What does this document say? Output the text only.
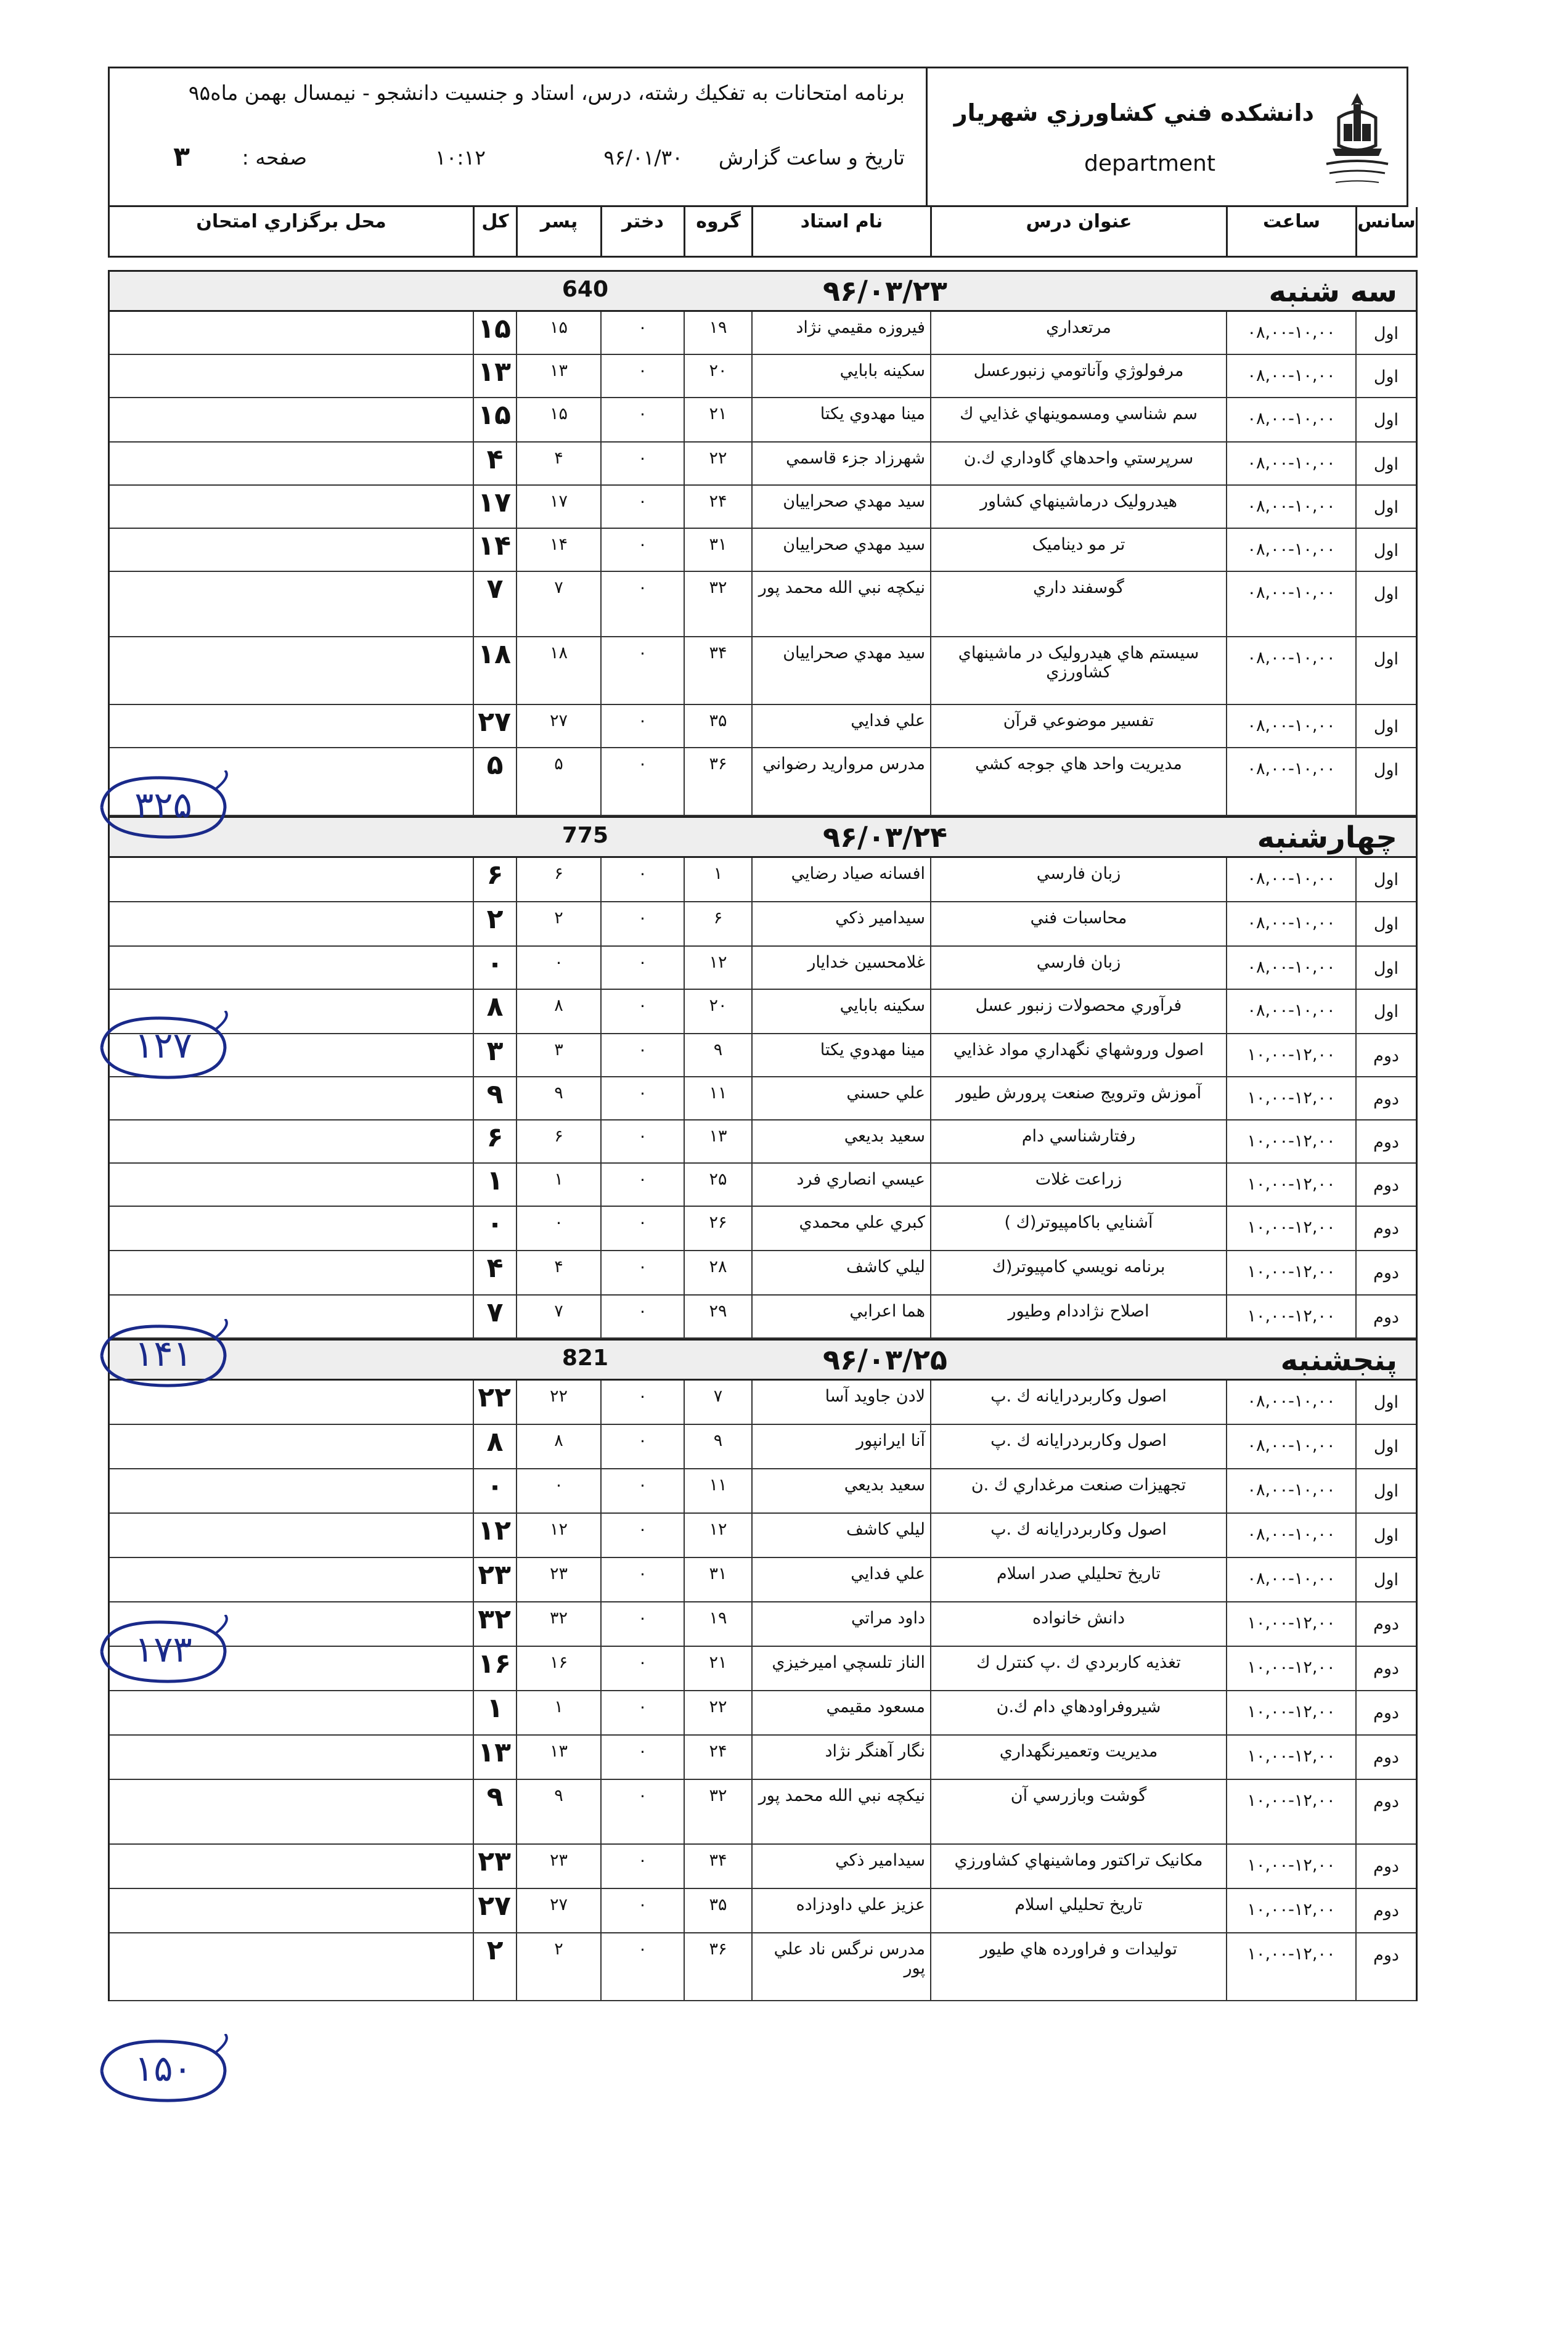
دانشكده فني كشاورزي شهريار
department
برنامه امتحانات به تفكيك رشته، درس، استاد و جنسيت دانشجو - نيمسال بهمن ماه۹۵
تاريخ و ساعت گزارش
۹۶/۰۱/۳۰
۱۰:۱۲
صفحه :
۳
سانس
ساعت
عنوان درس
نام استاد
گروه
دختر
پسر
كل
محل برگزاري امتحان
سه شنبه
۹۶/۰۳/۲۳
640
اول
۰۸,۰۰-۱۰,۰۰
مرتعداري
فيروزه مقيمي نژاد
۱۹
۰
۱۵
۱۵
اول
۰۸,۰۰-۱۰,۰۰
مرفولوژي وآناتومي زنبورعسل
سكينه بابايي
۲۰
۰
۱۳
۱۳
اول
۰۸,۰۰-۱۰,۰۰
سم شناسي ومسموينهاي غذايي ك
مينا مهدوي يكتا
۲۱
۰
۱۵
۱۵
اول
۰۸,۰۰-۱۰,۰۰
سرپرستي واحدهاي گاوداري ك.ن
شهرزاد جزء قاسمي
۲۲
۰
۴
۴
اول
۰۸,۰۰-۱۰,۰۰
هيدروليک درماشينهاي كشاور
سيد مهدي صحراييان
۲۴
۰
۱۷
۱۷
اول
۰۸,۰۰-۱۰,۰۰
تر مو ديناميک
سيد مهدي صحراييان
۳۱
۰
۱۴
۱۴
اول
۰۸,۰۰-۱۰,۰۰
گوسفند داري
نيكچه نبي الله محمد پور
۳۲
۰
۷
۷
اول
۰۸,۰۰-۱۰,۰۰
سيستم هاي هيدروليک در ماشينهاي كشاورزي
سيد مهدي صحراييان
۳۴
۰
۱۸
۱۸
اول
۰۸,۰۰-۱۰,۰۰
تفسير موضوعي قرآن
علي فدايي
۳۵
۰
۲۷
۲۷
اول
۰۸,۰۰-۱۰,۰۰
مديريت واحد هاي جوجه كشي
مدرس مرواريد رضواني
۳۶
۰
۵
۵
چهارشنبه
۹۶/۰۳/۲۴
775
اول
۰۸,۰۰-۱۰,۰۰
زبان فارسي
افسانه صياد رضايي
۱
۰
۶
۶
اول
۰۸,۰۰-۱۰,۰۰
محاسبات فني
سيدامير ذكي
۶
۰
۲
۲
اول
۰۸,۰۰-۱۰,۰۰
زبان فارسي
غلامحسين خدايار
۱۲
۰
۰
۰
اول
۰۸,۰۰-۱۰,۰۰
فرآوري محصولات زنبور عسل
سكينه بابايي
۲۰
۰
۸
۸
دوم
۱۰,۰۰-۱۲,۰۰
اصول وروشهاي نگهداري مواد غذايي
مينا مهدوي يكتا
۹
۰
۳
۳
دوم
۱۰,۰۰-۱۲,۰۰
آموزش وترويج صنعت پرورش طيور
علي حسني
۱۱
۰
۹
۹
دوم
۱۰,۰۰-۱۲,۰۰
رفتارشناسي دام
سعيد بديعي
۱۳
۰
۶
۶
دوم
۱۰,۰۰-۱۲,۰۰
زراعت غلات
عيسي انصاري فرد
۲۵
۰
۱
۱
دوم
۱۰,۰۰-۱۲,۰۰
آشنايي باكامپيوتر(ك )
كبري علي محمدي
۲۶
۰
۰
۰
دوم
۱۰,۰۰-۱۲,۰۰
برنامه نويسي كامپيوتر(ك
ليلي كاشف
۲۸
۰
۴
۴
دوم
۱۰,۰۰-۱۲,۰۰
اصلاح نژاددام وطيور
هما اعرابي
۲۹
۰
۷
۷
پنجشنبه
۹۶/۰۳/۲۵
821
اول
۰۸,۰۰-۱۰,۰۰
اصول وكاربردرايانه ك .پ
لادن جاويد آسا
۷
۰
۲۲
۲۲
اول
۰۸,۰۰-۱۰,۰۰
اصول وكاربردرايانه ك .پ
آنا ايرانپور
۹
۰
۸
۸
اول
۰۸,۰۰-۱۰,۰۰
تجهيزات صنعت مرغداري ك .ن
سعيد بديعي
۱۱
۰
۰
۰
اول
۰۸,۰۰-۱۰,۰۰
اصول وكاربردرايانه ك .پ
ليلي كاشف
۱۲
۰
۱۲
۱۲
اول
۰۸,۰۰-۱۰,۰۰
تاريخ تحليلي صدر اسلام
علي فدايي
۳۱
۰
۲۳
۲۳
دوم
۱۰,۰۰-۱۲,۰۰
دانش خانواده
داود مراتي
۱۹
۰
۳۲
۳۲
دوم
۱۰,۰۰-۱۲,۰۰
تغذيه كاربردي ك .پ كنترل ك
الناز تلسچي اميرخيزي
۲۱
۰
۱۶
۱۶
دوم
۱۰,۰۰-۱۲,۰۰
شيروفراودهاي دام ك.ن
مسعود مقيمي
۲۲
۰
۱
۱
دوم
۱۰,۰۰-۱۲,۰۰
مديريت وتعميرنگهداري
نگار آهنگر نژاد
۲۴
۰
۱۳
۱۳
دوم
۱۰,۰۰-۱۲,۰۰
گوشت وبازرسي آن
نيكچه نبي الله محمد پور
۳۲
۰
۹
۹
دوم
۱۰,۰۰-۱۲,۰۰
مكانيک تراكتور وماشينهاي كشاورزي
سيدامير ذكي
۳۴
۰
۲۳
۲۳
دوم
۱۰,۰۰-۱۲,۰۰
تاريخ تحليلي اسلام
عزيز علي داودزاده
۳۵
۰
۲۷
۲۷
دوم
۱۰,۰۰-۱۲,۰۰
توليدات و فراورده هاي طيور
مدرس نرگس ناد علي پور
۳۶
۰
۲
۲
۳۲۵
۱۲۷
۱۴۱
۱۷۳
۱۵۰
